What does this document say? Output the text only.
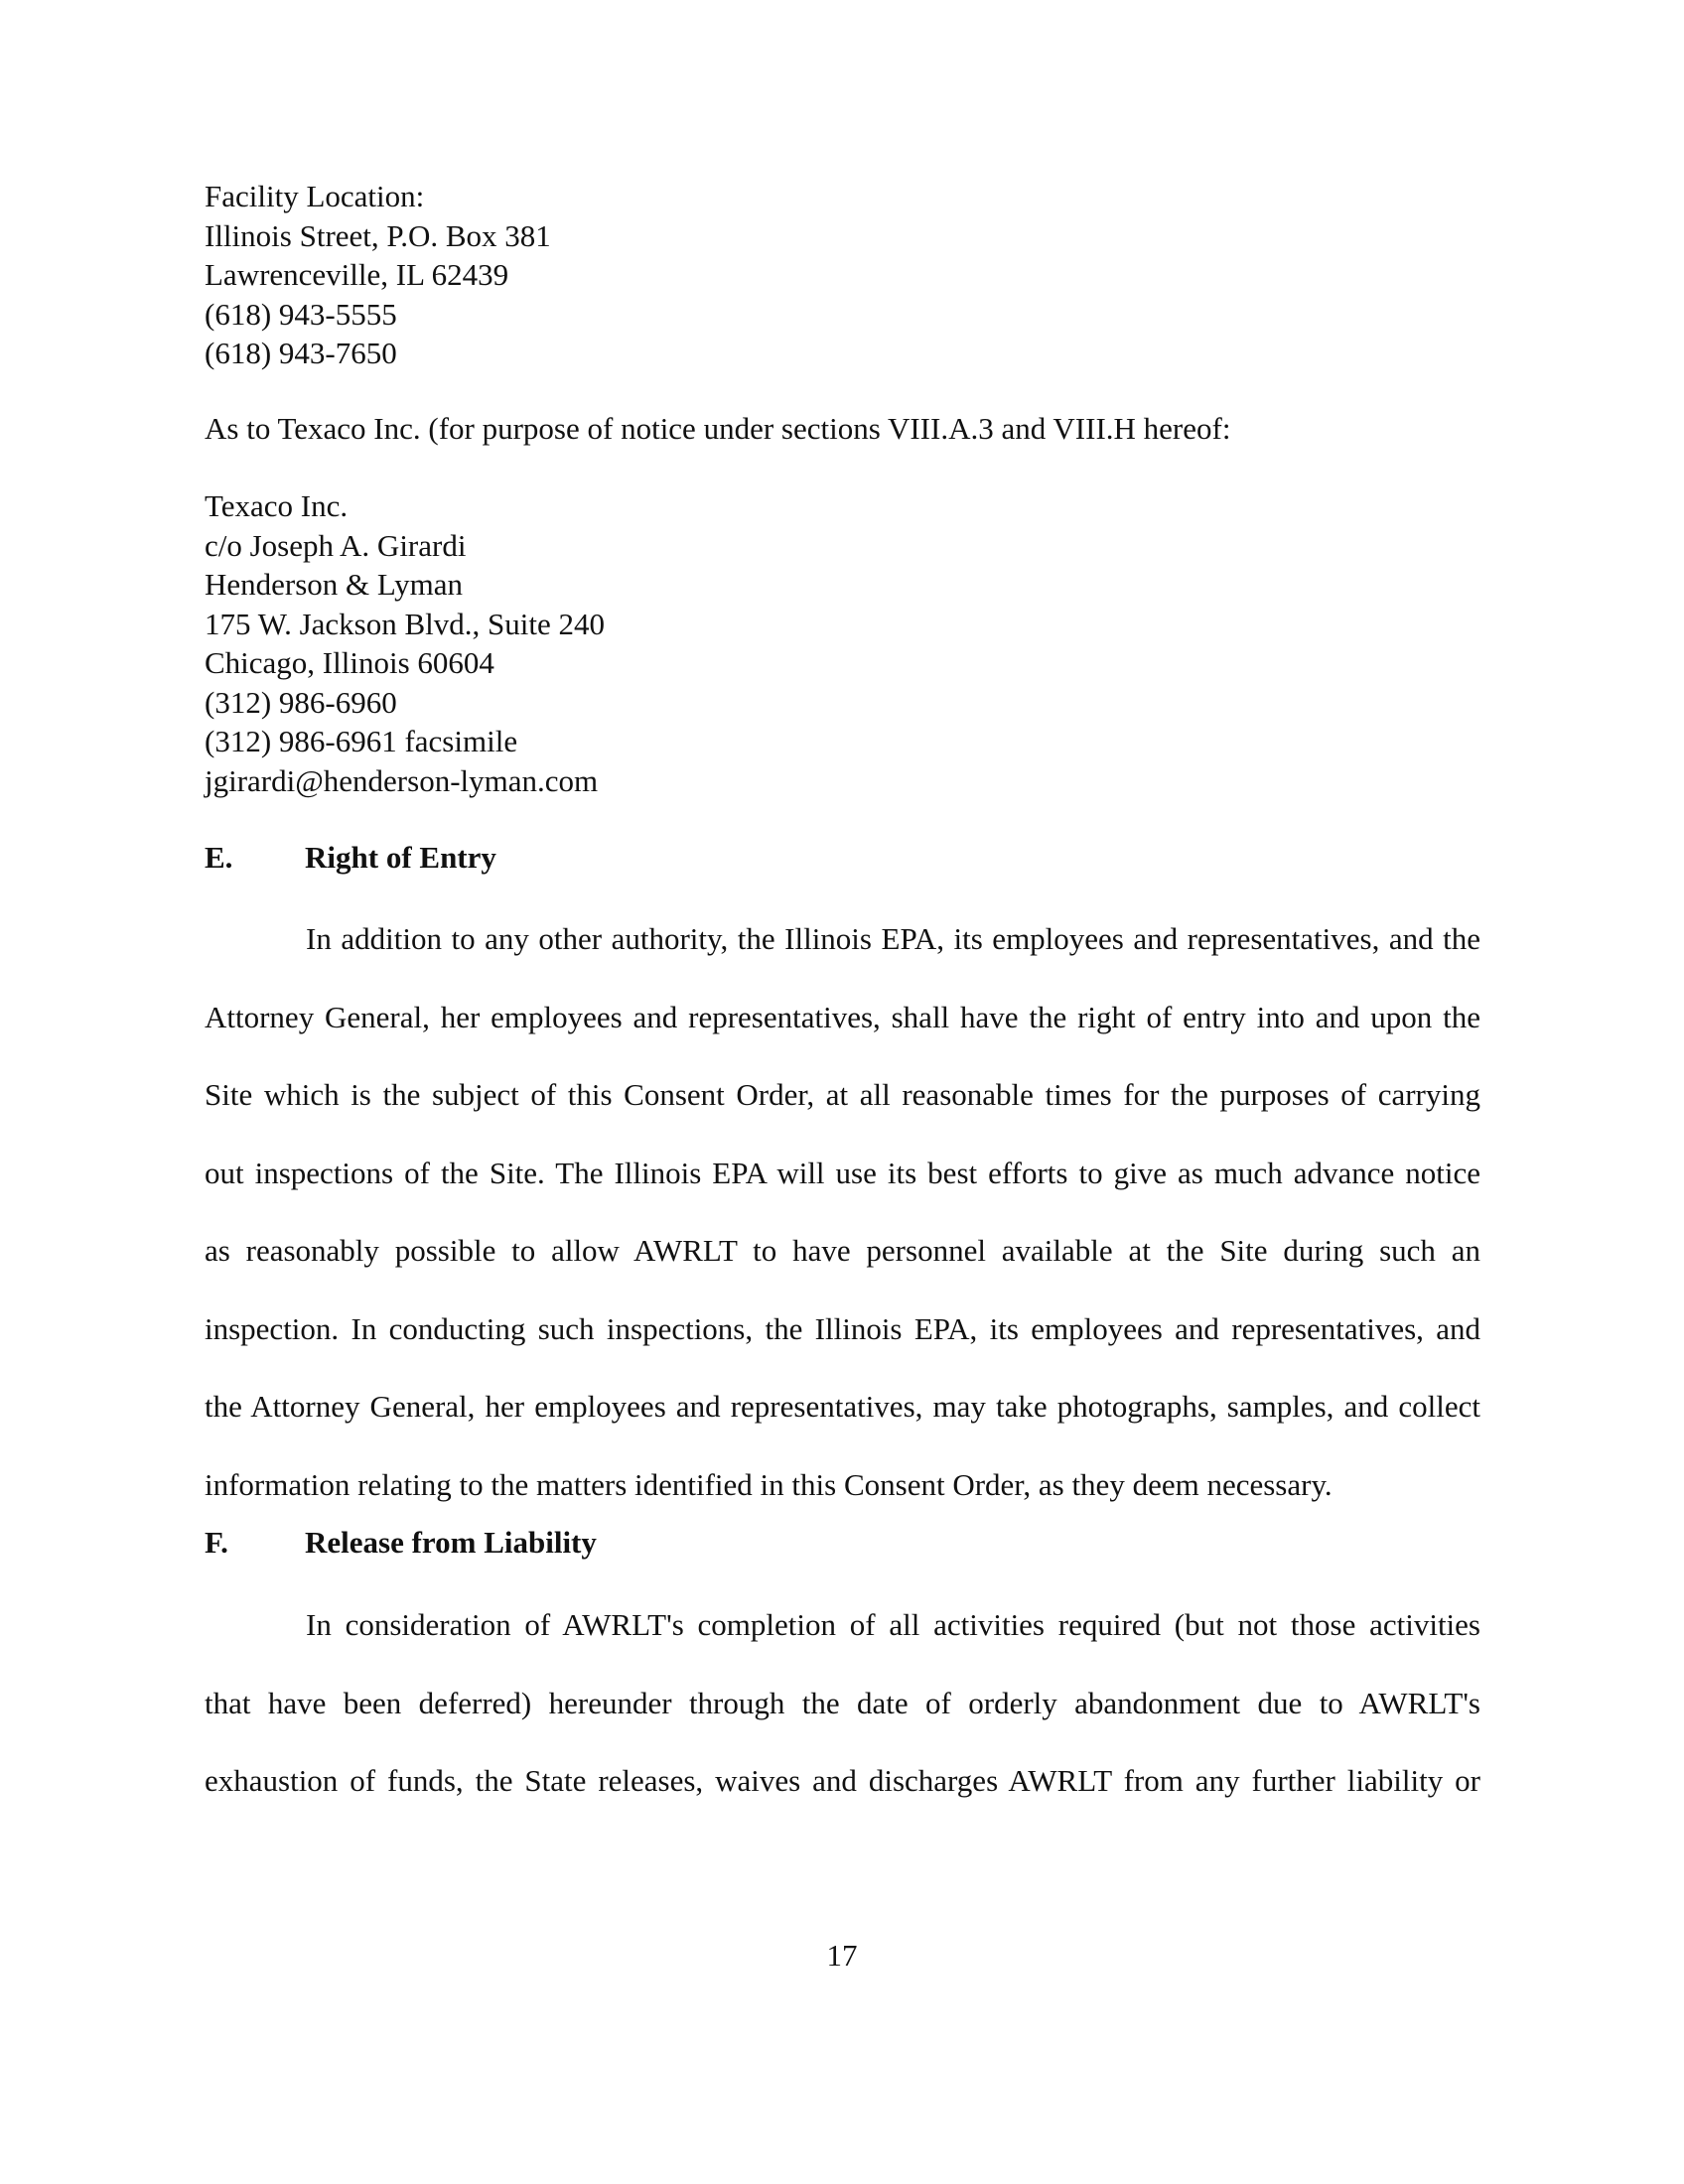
Facility Location:
Illinois Street, P.O. Box 381
Lawrenceville, IL 62439
(618) 943-5555
(618) 943-7650
As to Texaco Inc. (for purpose of notice under sections VIII.A.3 and VIII.H hereof:
Texaco Inc.
c/o Joseph A. Girardi
Henderson & Lyman
175 W. Jackson Blvd., Suite 240
Chicago, Illinois 60604
(312) 986-6960
(312) 986-6961 facsimile
jgirardi@henderson-lyman.com
E. Right of Entry
In addition to any other authority, the Illinois EPA, its employees and representatives, and the
Attorney General, her employees and representatives, shall have the right of entry into and upon the
Site which is the subject of this Consent Order, at all reasonable times for the purposes of carrying
out inspections of the Site. The Illinois EPA will use its best efforts to give as much advance notice
as reasonably possible to allow AWRLT to have personnel available at the Site during such an
inspection. In conducting such inspections, the Illinois EPA, its employees and representatives, and
the Attorney General, her employees and representatives, may take photographs, samples, and collect
information relating to the matters identified in this Consent Order, as they deem necessary.
F. Release from Liability
In consideration of AWRLT's completion of all activities required (but not those activities
that have been deferred) hereunder through the date of orderly abandonment due to AWRLT's
exhaustion of funds, the State releases, waives and discharges AWRLT from any further liability or
17
